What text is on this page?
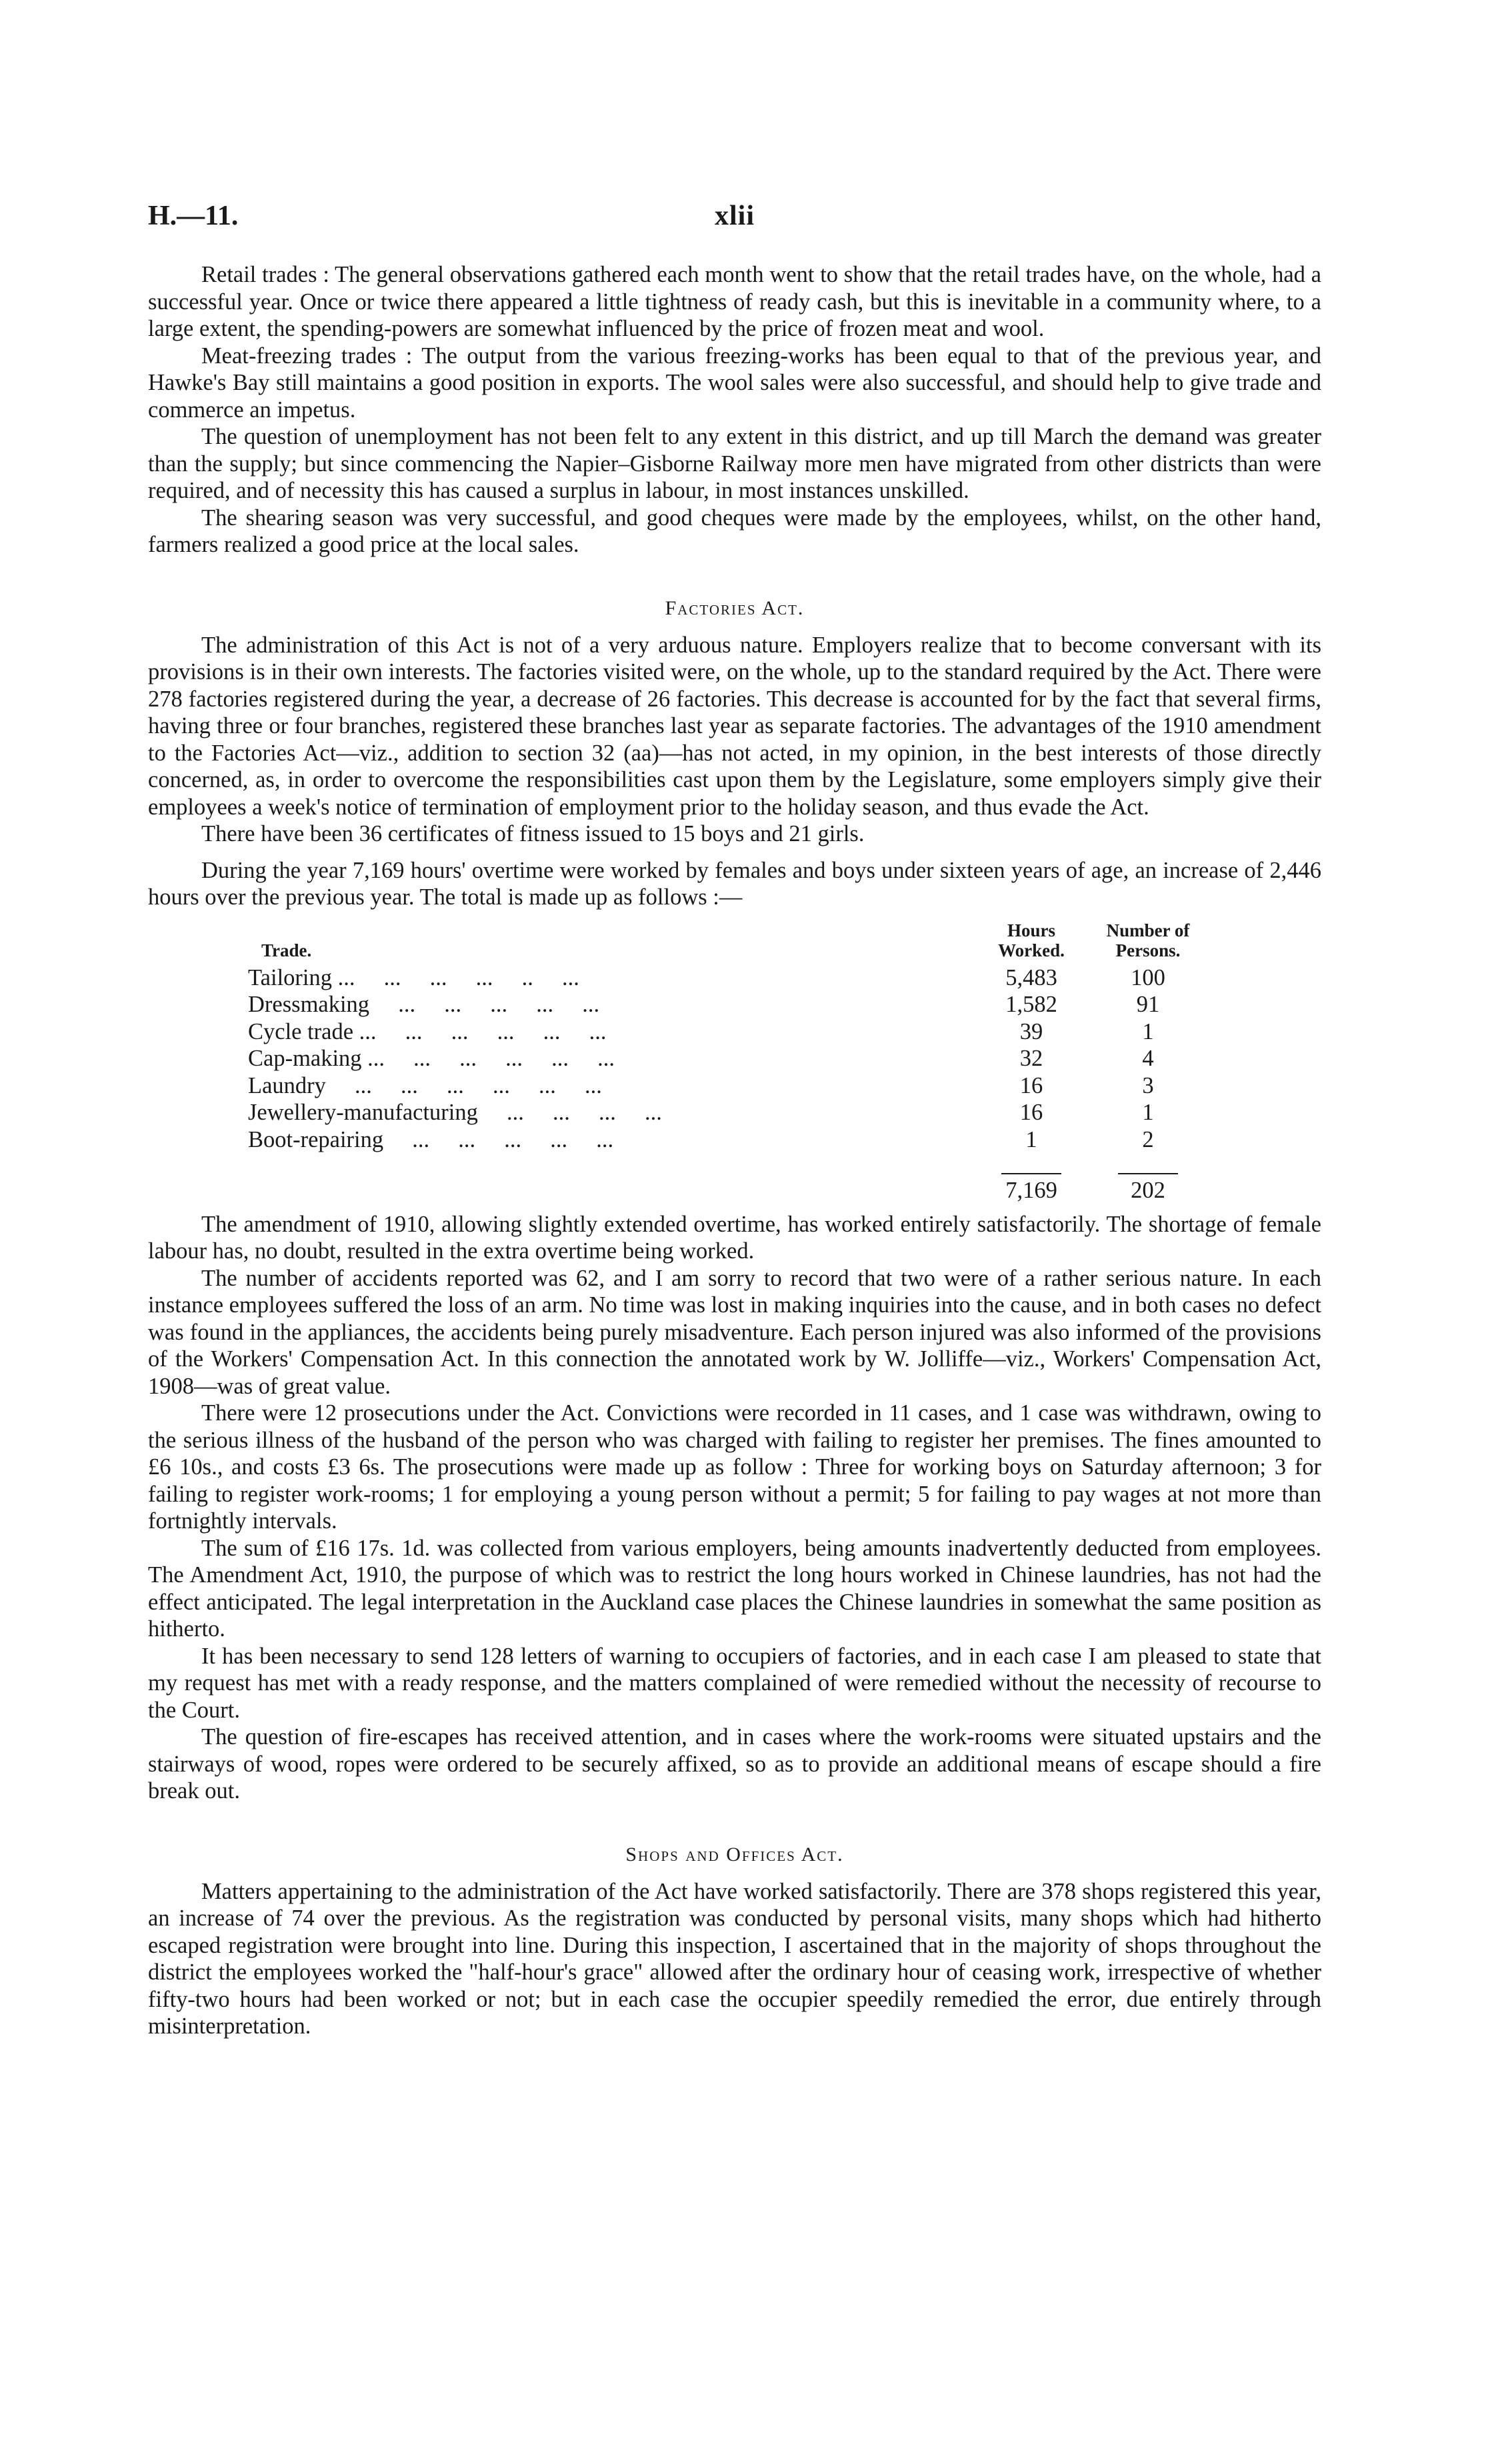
H.—11.	xlii

Retail trades : The general observations gathered each month went to show that the retail trades have, on the whole, had a successful year. Once or twice there appeared a little tightness of ready cash, but this is inevitable in a community where, to a large extent, the spending-powers are somewhat influenced by the price of frozen meat and wool.

Meat-freezing trades : The output from the various freezing-works has been equal to that of the previous year, and Hawke's Bay still maintains a good position in exports. The wool sales were also successful, and should help to give trade and commerce an impetus.

The question of unemployment has not been felt to any extent in this district, and up till March the demand was greater than the supply; but since commencing the Napier–Gisborne Railway more men have migrated from other districts than were required, and of necessity this has caused a surplus in labour, in most instances unskilled.

The shearing season was very successful, and good cheques were made by the employees, whilst, on the other hand, farmers realized a good price at the local sales.

Factories Act.

The administration of this Act is not of a very arduous nature. Employers realize that to become conversant with its provisions is in their own interests. The factories visited were, on the whole, up to the standard required by the Act. There were 278 factories registered during the year, a decrease of 26 factories. This decrease is accounted for by the fact that several firms, having three or four branches, registered these branches last year as separate factories. The advantages of the 1910 amendment to the Factories Act—viz., addition to section 32 (aa)—has not acted, in my opinion, in the best interests of those directly concerned, as, in order to overcome the responsibilities cast upon them by the Legislature, some employers simply give their employees a week's notice of termination of employment prior to the holiday season, and thus evade the Act.

There have been 36 certificates of fitness issued to 15 boys and 21 girls.

During the year 7,169 hours' overtime were worked by females and boys under sixteen years of age, an increase of 2,446 hours over the previous year. The total is made up as follows :—

Trade.	Hours Worked.	Number of Persons.
Tailoring ...     ...     ...     ...     ..     ...	5,483	100
Dressmaking     ...     ...     ...     ...     ...	1,582	91
Cycle trade ...     ...     ...     ...     ...     ...	39	1
Cap-making ...     ...     ...     ...     ...     ...	32	4
Laundry     ...     ...     ...     ...     ...     ...	16	3
Jewellery-manufacturing     ...     ...     ...     ...	16	1
Boot-repairing     ...     ...     ...     ...     ...	1	2
	7,169	202

The amendment of 1910, allowing slightly extended overtime, has worked entirely satisfactorily. The shortage of female labour has, no doubt, resulted in the extra overtime being worked.

The number of accidents reported was 62, and I am sorry to record that two were of a rather serious nature. In each instance employees suffered the loss of an arm. No time was lost in making inquiries into the cause, and in both cases no defect was found in the appliances, the accidents being purely misadventure. Each person injured was also informed of the provisions of the Workers' Compensation Act. In this connection the annotated work by W. Jolliffe—viz., Workers' Compensation Act, 1908—was of great value.

There were 12 prosecutions under the Act. Convictions were recorded in 11 cases, and 1 case was withdrawn, owing to the serious illness of the husband of the person who was charged with failing to register her premises. The fines amounted to £6 10s., and costs £3 6s. The prosecutions were made up as follow : Three for working boys on Saturday afternoon; 3 for failing to register work-rooms; 1 for employing a young person without a permit; 5 for failing to pay wages at not more than fortnightly intervals.

The sum of £16 17s. 1d. was collected from various employers, being amounts inadvertently deducted from employees. The Amendment Act, 1910, the purpose of which was to restrict the long hours worked in Chinese laundries, has not had the effect anticipated. The legal interpretation in the Auckland case places the Chinese laundries in somewhat the same position as hitherto.

It has been necessary to send 128 letters of warning to occupiers of factories, and in each case I am pleased to state that my request has met with a ready response, and the matters complained of were remedied without the necessity of recourse to the Court.

The question of fire-escapes has received attention, and in cases where the work-rooms were situated upstairs and the stairways of wood, ropes were ordered to be securely affixed, so as to provide an additional means of escape should a fire break out.

Shops and Offices Act.

Matters appertaining to the administration of the Act have worked satisfactorily. There are 378 shops registered this year, an increase of 74 over the previous. As the registration was conducted by personal visits, many shops which had hitherto escaped registration were brought into line. During this inspection, I ascertained that in the majority of shops throughout the district the employees worked the "half-hour's grace" allowed after the ordinary hour of ceasing work, irrespective of whether fifty-two hours had been worked or not; but in each case the occupier speedily remedied the error, due entirely through misinterpretation.
